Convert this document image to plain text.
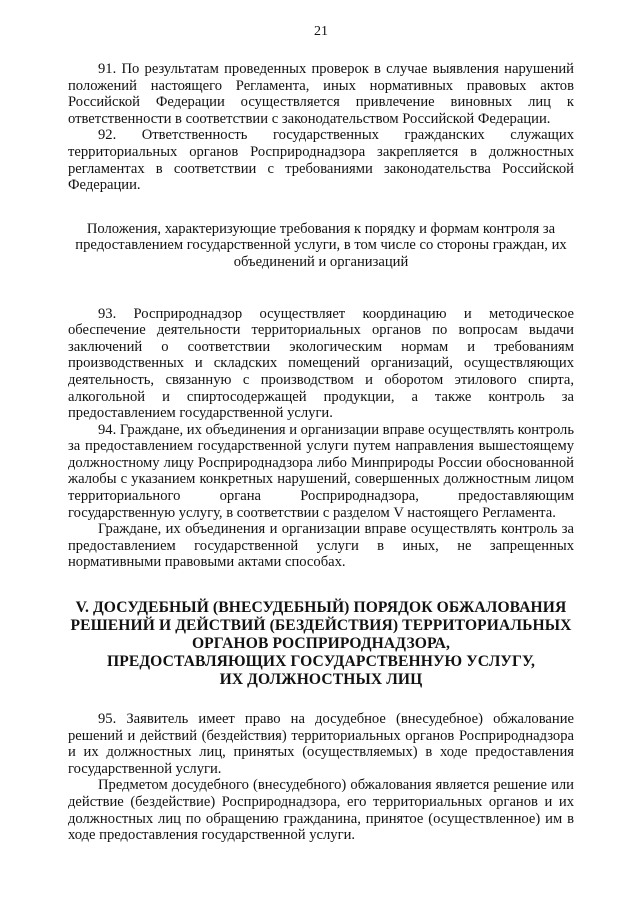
21

91. По результатам проведенных проверок в случае выявления нарушений положений настоящего Регламента, иных нормативных правовых актов Российской Федерации осуществляется привлечение виновных лиц к ответственности в соответствии с законодательством Российской Федерации.

92. Ответственность государственных гражданских служащих территориальных органов Росприроднадзора закрепляется в должностных регламентах в соответствии с требованиями законодательства Российской Федерации.

Положения, характеризующие требования к порядку и формам контроля за предоставлением государственной услуги, в том числе со стороны граждан, их объединений и организаций

93. Росприроднадзор осуществляет координацию и методическое обеспечение деятельности территориальных органов по вопросам выдачи заключений о соответствии экологическим нормам и требованиям производственных и складских помещений организаций, осуществляющих деятельность, связанную с производством и оборотом этилового спирта, алкогольной и спиртосодержащей продукции, а также контроль за предоставлением государственной услуги.

94. Граждане, их объединения и организации вправе осуществлять контроль за предоставлением государственной услуги путем направления вышестоящему должностному лицу Росприроднадзора либо Минприроды России обоснованной жалобы с указанием конкретных нарушений, совершенных должностным лицом территориального органа Росприроднадзора, предоставляющим государственную услугу, в соответствии с разделом V настоящего Регламента.

Граждане, их объединения и организации вправе осуществлять контроль за предоставлением государственной услуги в иных, не запрещенных нормативными правовыми актами способах.

V. ДОСУДЕБНЫЙ (ВНЕСУДЕБНЫЙ) ПОРЯДОК ОБЖАЛОВАНИЯ
РЕШЕНИЙ И ДЕЙСТВИЙ (БЕЗДЕЙСТВИЯ) ТЕРРИТОРИАЛЬНЫХ
ОРГАНОВ РОСПРИРОДНАДЗОРА,
ПРЕДОСТАВЛЯЮЩИХ ГОСУДАРСТВЕННУЮ УСЛУГУ,
ИХ ДОЛЖНОСТНЫХ ЛИЦ

95. Заявитель имеет право на досудебное (внесудебное) обжалование решений и действий (бездействия) территориальных органов Росприроднадзора и их должностных лиц, принятых (осуществляемых) в ходе предоставления государственной услуги.

Предметом досудебного (внесудебного) обжалования является решение или действие (бездействие) Росприроднадзора, его территориальных органов и их должностных лиц по обращению гражданина, принятое (осуществленное) им в ходе предоставления государственной услуги.
